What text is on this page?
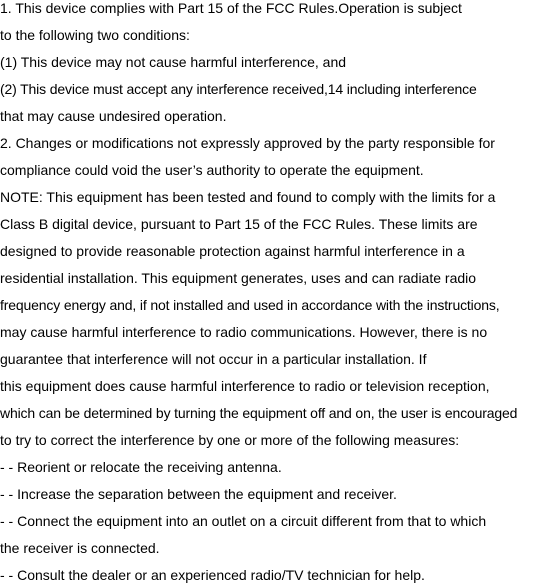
1. This device complies with Part 15 of the FCC Rules.Operation is subject
to the following two conditions:
(1) This device may not cause harmful interference, and
(2) This device must accept any interference received,14 including interference
that may cause undesired operation.
2. Changes or modifications not expressly approved by the party responsible for
compliance could void the user’s authority to operate the equipment.
NOTE: This equipment has been tested and found to comply with the limits for a
Class B digital device, pursuant to Part 15 of the FCC Rules. These limits are
designed to provide reasonable protection against harmful interference in a
residential installation. This equipment generates, uses and can radiate radio
frequency energy and, if not installed and used in accordance with the instructions,
may cause harmful interference to radio communications. However, there is no
guarantee that interference will not occur in a particular installation. If
this equipment does cause harmful interference to radio or television reception,
which can be determined by turning the equipment off and on, the user is encouraged
to try to correct the interference by one or more of the following measures:
- - Reorient or relocate the receiving antenna.
- - Increase the separation between the equipment and receiver.
- - Connect the equipment into an outlet on a circuit different from that to which
the receiver is connected.
- - Consult the dealer or an experienced radio/TV technician for help.
